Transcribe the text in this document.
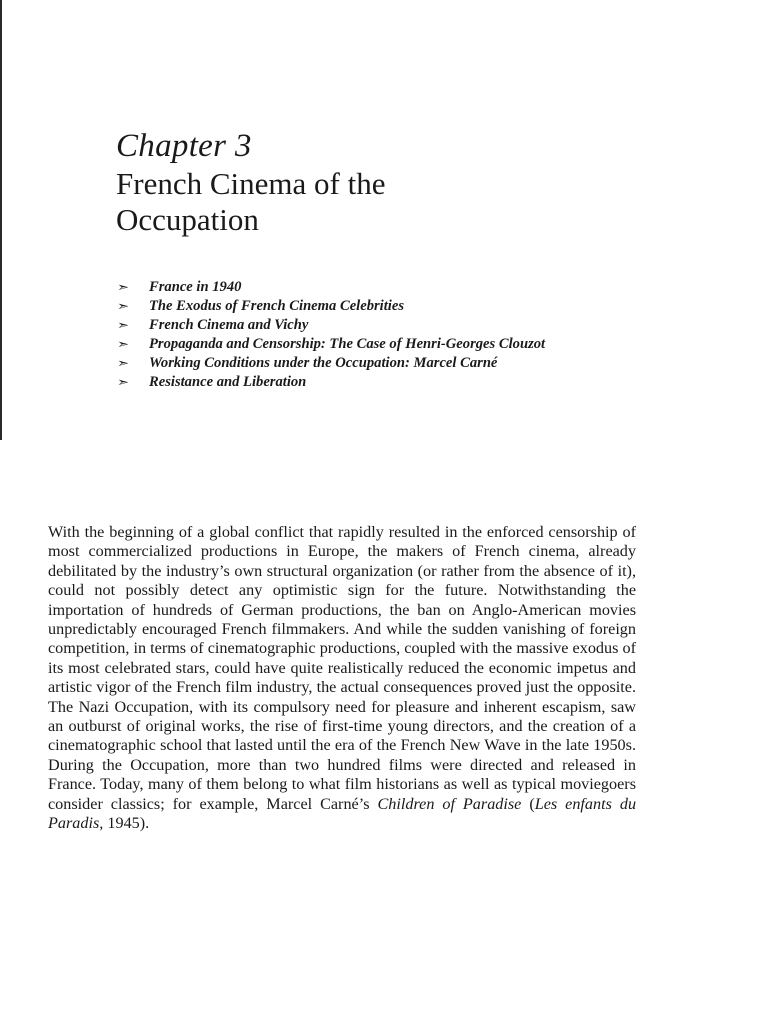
Chapter 3
French Cinema of the Occupation
➣	France in 1940
➣	The Exodus of French Cinema Celebrities
➣	French Cinema and Vichy
➣	Propaganda and Censorship: The Case of Henri-Georges Clouzot
➣	Working Conditions under the Occupation: Marcel Carné
➣	Resistance and Liberation

With the beginning of a global conflict that rapidly resulted in the enforced censorship of most commercialized productions in Europe, the makers of French cinema, already debilitated by the industry’s own structural organization (or rather from the absence of it), could not possibly detect any optimistic sign for the future. Notwithstanding the importation of hundreds of German productions, the ban on Anglo-American movies unpredictably encouraged French filmmakers. And while the sudden vanishing of foreign competition, in terms of cinematographic productions, coupled with the massive exodus of its most celebrated stars, could have quite realistically reduced the economic impetus and artistic vigor of the French film industry, the actual consequences proved just the opposite. The Nazi Occupation, with its compulsory need for pleasure and inherent escapism, saw an outburst of original works, the rise of first-time young directors, and the creation of a cinematographic school that lasted until the era of the French New Wave in the late 1950s. During the Occupation, more than two hundred films were directed and released in France. Today, many of them belong to what film historians as well as typical moviegoers consider classics; for example, Marcel Carné’s Children of Paradise (Les enfants du Paradis, 1945).
